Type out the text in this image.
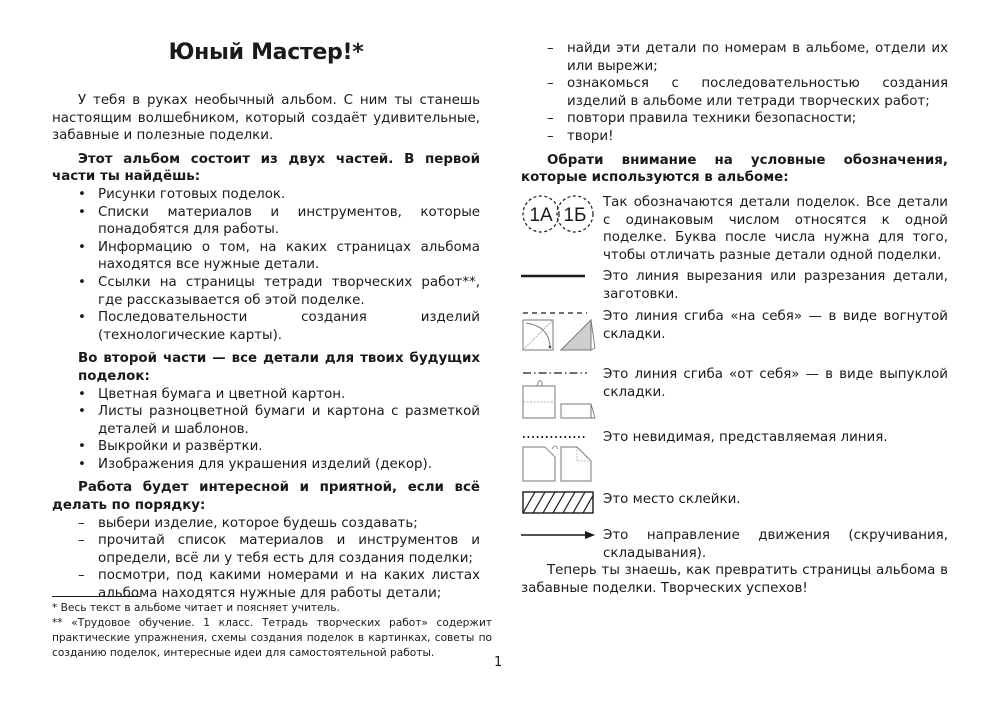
Юный Мастер!*

У тебя в руках необычный альбом. С ним ты станешь настоящим волшебником, который создаёт удивительные, забавные и полезные поделки.

Этот альбом состоит из двух частей. В первой части ты найдёшь:

• Рисунки готовых поделок.
• Списки материалов и инструментов, которые понадобятся для работы.
• Информацию о том, на каких страницах альбома находятся все нужные детали.
• Ссылки на страницы тетради творческих работ**, где рассказывается об этой поделке.
• Последовательности создания изделий (технологические карты).

Во второй части — все детали для твоих будущих поделок:

• Цветная бумага и цветной картон.
• Листы разноцветной бумаги и картона с разметкой деталей и шаблонов.
• Выкройки и развёртки.
• Изображения для украшения изделий (декор).

Работа будет интересной и приятной, если всё делать по порядку:

– выбери изделие, которое будешь создавать;
– прочитай список материалов и инструментов и определи, всё ли у тебя есть для создания поделки;
– посмотри, под какими номерами и на каких листах альбома находятся нужные для работы детали;
* Весь текст в альбоме читает и поясняет учитель.
** «Трудовое обучение. 1 класс. Тетрадь творческих работ» содержит практические упражнения, схемы создания поделок в картинках, советы по созданию поделок, интересные идеи для самостоятельной работы.
1
– найди эти детали по номерам в альбоме, отдели их или вырежи;
– ознакомься с последовательностью создания изделий в альбоме или тетради творческих работ;
– повтори правила техники безопасности;
– твори!

Обрати внимание на условные обозначения, которые используются в альбоме:

1А 1Б
Так обозначаются детали поделок. Все детали с одинаковым числом относятся к одной поделке. Буква после числа нужна для того, чтобы отличать разные детали одной поделки.
Это линия вырезания или разрезания детали, заготовки.
Это линия сгиба «на себя» — в виде вогнутой складки.
Это линия сгиба «от себя» — в виде выпуклой складки.
Это невидимая, представляемая линия.
Это место склейки.
Это направление движения (скручивания, складывания).

Теперь ты знаешь, как превратить страницы альбома в забавные поделки. Творческих успехов!
